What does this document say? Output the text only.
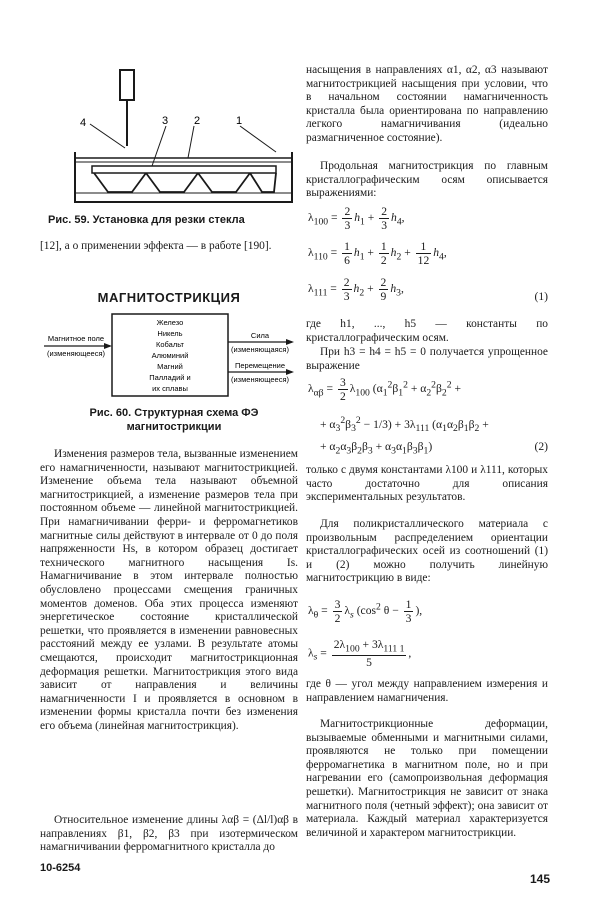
4	3 2	1

Рис. 59. Установка для резки стекла

[12], а о применении эффекта — в работе [190].

МАГНИТОСТРИКЦИЯ

Железо
Никель
Кобальт
Алюминий
Магний
Палладий и
их сплавы
Магнитное поле
(изменяющееся)
Сила
(изменяющаяся)
Перемещение
(изменяющееся)

Рис. 60. Структурная схема ФЭ магнитострикции

Изменения размеров тела, вызванные изменением его намагниченности, называют магнитострикцией. Изменение объема тела называют объемной магнитострикцией, а изменение размеров тела при постоянном объеме — линейной магнитострикцией. При намагничивании ферри- и ферромагнетиков магнитные силы действуют в интервале от 0 до поля напряженности Hs, в котором образец достигает технического магнитного насыщения Is. Намагничивание в этом интервале полностью обусловлено процессами смещения граничных моментов доменов. Оба этих процесса изменяют энергетическое состояние кристаллической решетки, что проявляется в изменении равновесных расстояний между ее узлами. В результате атомы смещаются, происходит магнитострикционная деформация решетки. Магнитострикция этого вида зависит от направления и величины намагниченности I и проявляется в основном в изменении формы кристалла почти без изменения его объема (линейная магнитострикция).

Относительное изменение длины λαβ = (Δl/l)αβ в направлениях β1, β2, β3 при изотермическом намагничивании ферромагнитного кристалла до

10-6254

насыщения в направлениях α1, α2, α3 называют магнитострикцией насыщения при условии, что в начальном состоянии намагниченность кристалла была ориентирована по направлению легкого намагничивания (идеально размагниченное состояние).

Продольная магнитострикция по главным кристаллографическим осям описывается выражениями:

$\lambda_{100} = \frac{2}{3} h_1 + \frac{2}{3} h_4$,
$\lambda_{110} = \frac{1}{6} h_1 + \frac{1}{2} h_2 + \frac{1}{12} h_4$,
$\lambda_{111} = \frac{2}{3} h_2 + \frac{2}{9} h_3$,
(1)

где h1, ..., h5 — константы по кристаллографическим осям.

При h3 = h4 = h5 = 0 получается упрощенное выражение

$\lambda_{\alpha\beta} = \frac{3}{2} \lambda_{100}$ ($\alpha_1^2\beta_1^2 + \alpha_2^2\beta_2^2$ +
+ $\alpha_3^2\beta_3^2 - 1/3) + 3\lambda_{111}$ ($\alpha_1\alpha_2\beta_1\beta_2$ +
+ $\alpha_2\alpha_3\beta_2\beta_3 + \alpha_3\alpha_1\beta_3\beta_1$)	(2)

только с двумя константами λ100 и λ111, которых часто достаточно для описания экспериментальных результатов.

Для поликристаллического материала с произвольным распределением ориентации кристаллографических осей из соотношений (1) и (2) можно получить линейную магнитострикцию в виде:

$\lambda_\theta = \frac{3}{2} \lambda_s$ ($\cos^2$ $\theta - \frac{1}{3}$ ),
$\lambda_s = \frac{2\lambda_{100} + 3\lambda_{111 1}}{5}$ ,

где θ — угол между направлением измерения и направлением намагничения.

Магнитострикционные деформации, вызываемые обменными и магнитными силами, проявляются не только при помещении ферромагнетика в магнитном поле, но и при нагревании его (самопроизвольная деформация решетки). Магнитострикция не зависит от знака магнитного поля (четный эффект); она зависит от материала. Каждый материал характеризуется величиной и характером магнитострикции.

145
